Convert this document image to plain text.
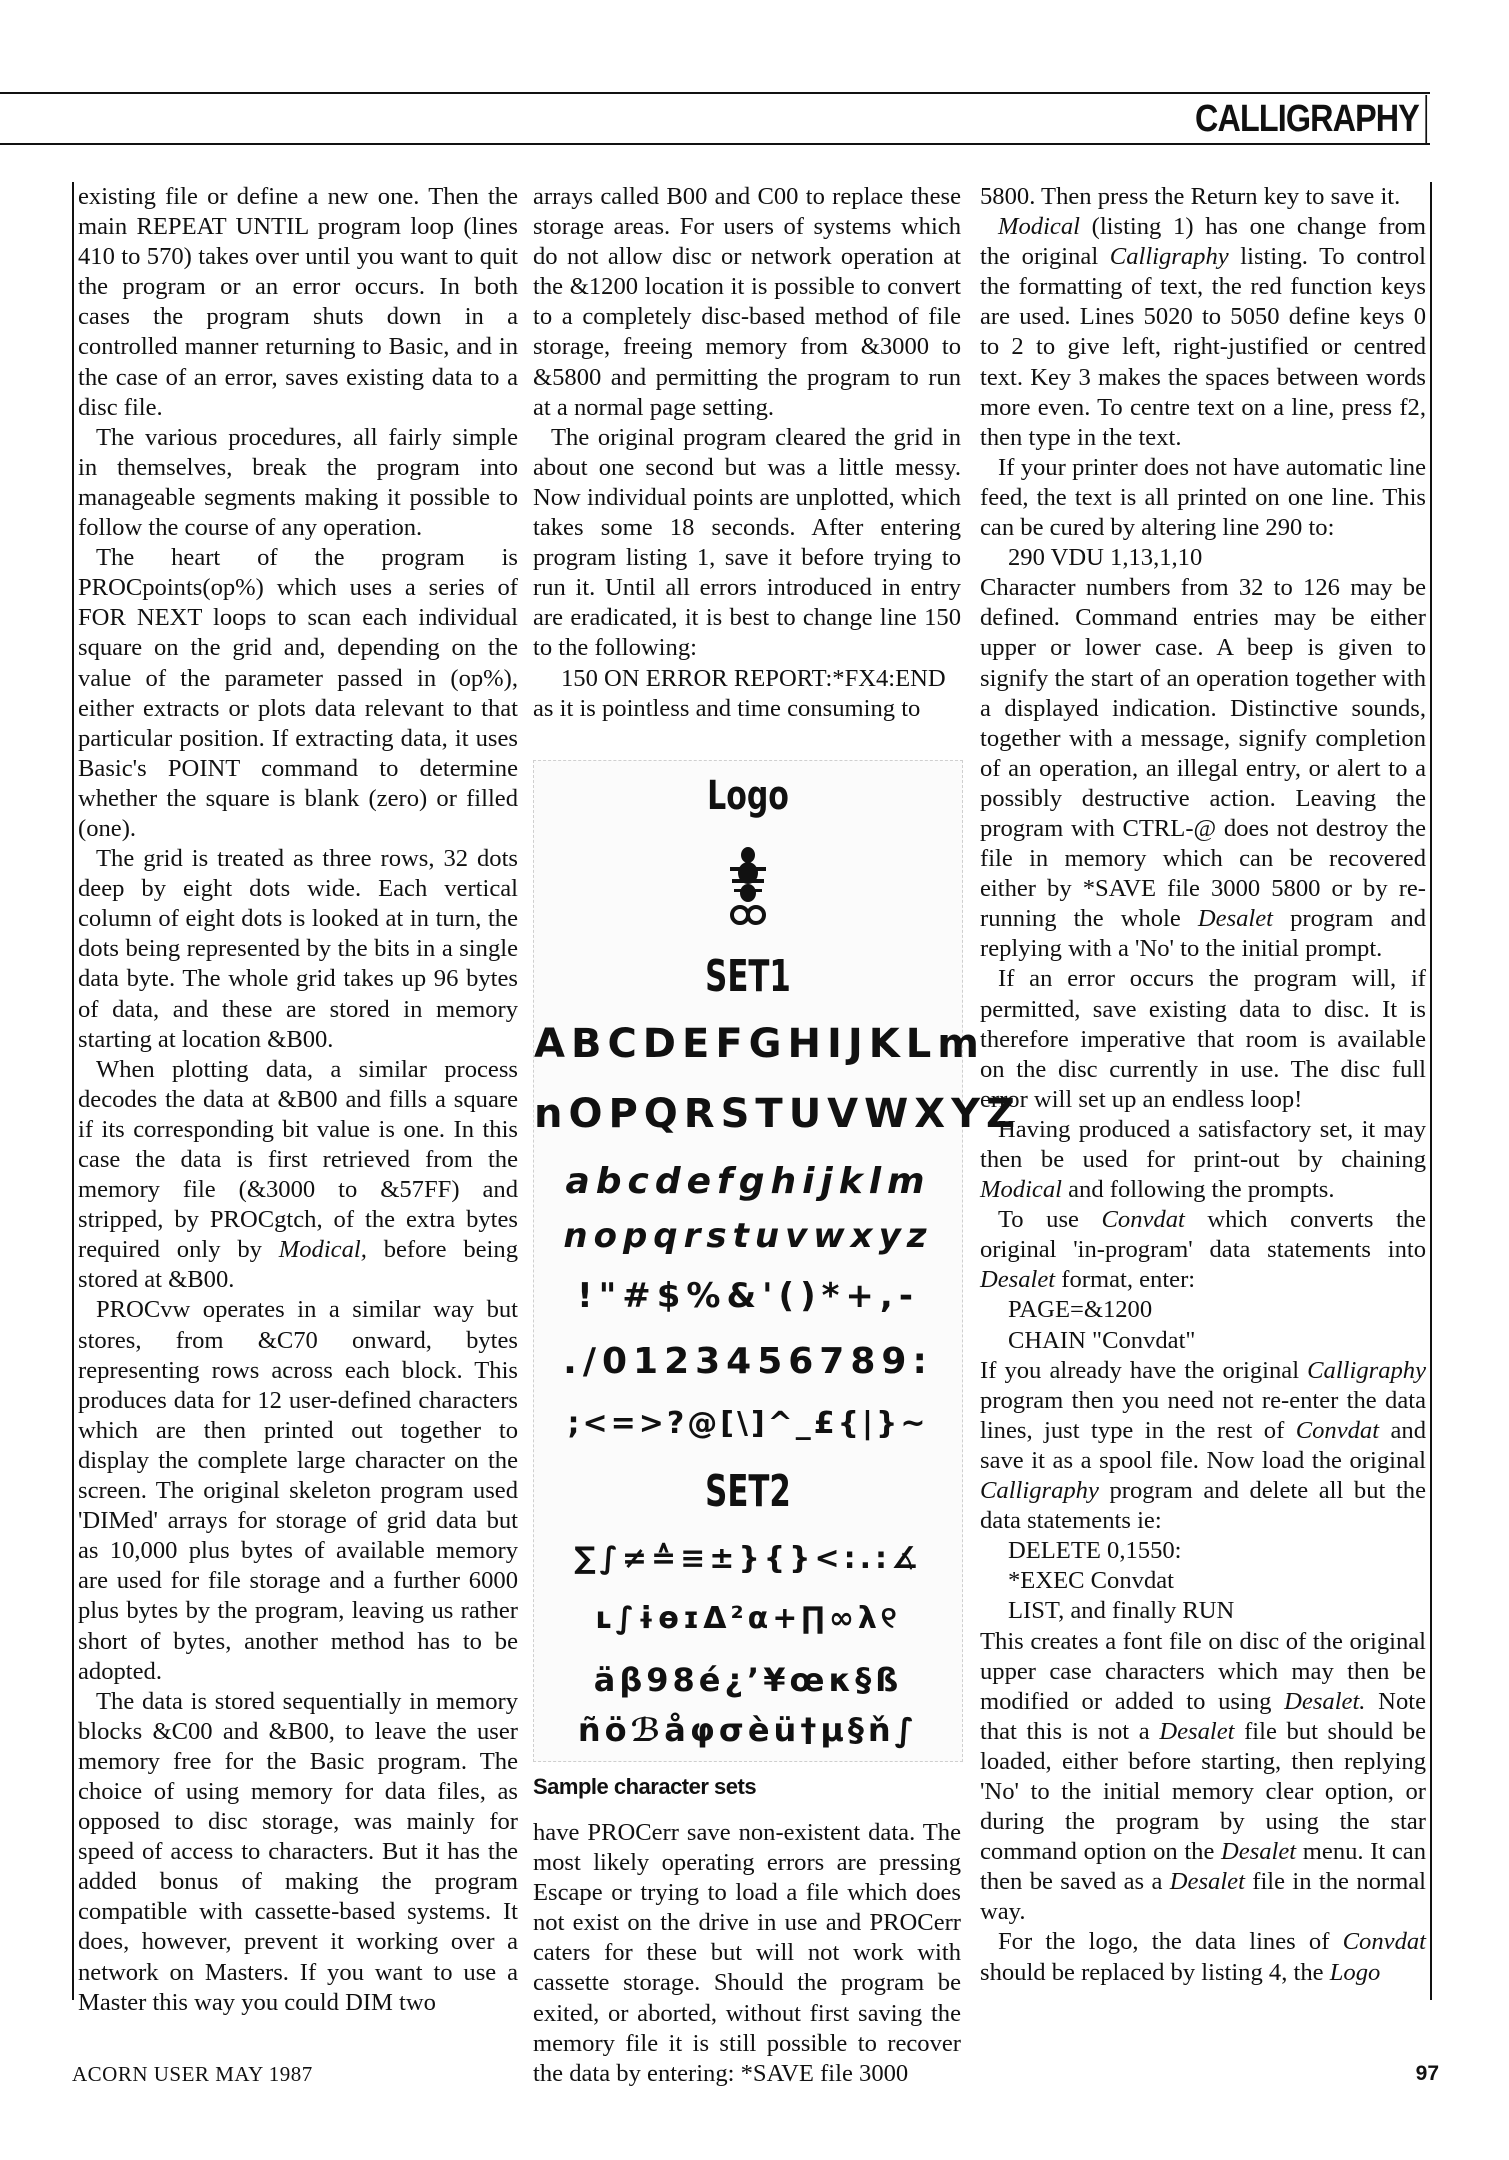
CALLIGRAPHY

existing file or define a new one. Then the main REPEAT UNTIL program loop (lines 410 to 570) takes over until you want to quit the program or an error occurs. In both cases the program shuts down in a controlled manner returning to Basic, and in the case of an error, saves existing data to a disc file.

The various procedures, all fairly simple in themselves, break the program into manageable segments making it possible to follow the course of any operation.

The heart of the program is PROCpoints(op%) which uses a series of FOR NEXT loops to scan each individual square on the grid and, depending on the value of the parameter passed in (op%), either extracts or plots data relevant to that particular position. If extracting data, it uses Basic's POINT command to determine whether the square is blank (zero) or filled (one).

The grid is treated as three rows, 32 dots deep by eight dots wide. Each vertical column of eight dots is looked at in turn, the dots being represented by the bits in a single data byte. The whole grid takes up 96 bytes of data, and these are stored in memory starting at location &B00.

When plotting data, a similar process decodes the data at &B00 and fills a square if its corresponding bit value is one. In this case the data is first retrieved from the memory file (&3000 to &57FF) and stripped, by PROCgtch, of the extra bytes required only by Modical, before being stored at &B00.

PROCvw operates in a similar way but stores, from &C70 onward, bytes representing rows across each block. This produces data for 12 user-defined characters which are then printed out together to display the complete large character on the screen. The original skeleton program used 'DIMed' arrays for storage of grid data but as 10,000 plus bytes of available memory are used for file storage and a further 6000 plus bytes by the program, leaving us rather short of bytes, another method has to be adopted.

The data is stored sequentially in memory blocks &C00 and &B00, to leave the user memory free for the Basic program. The choice of using memory for data files, as opposed to disc storage, was mainly for speed of access to characters. But it has the added bonus of making the program compatible with cassette-based systems. It does, however, prevent it working over a network on Masters. If you want to use a Master this way you could DIM two

arrays called B00 and C00 to replace these storage areas. For users of systems which do not allow disc or network operation at the &1200 location it is possible to convert to a completely disc-based method of file storage, freeing memory from &3000 to &5800 and permitting the program to run at a normal page setting.

The original program cleared the grid in about one second but was a little messy. Now individual points are unplotted, which takes some 18 seconds. After entering program listing 1, save it before trying to run it. Until all errors introduced in entry are eradicated, it is best to change line 150 to the following:

150 ON ERROR REPORT:*FX4:END

as it is pointless and time consuming to

Logo
SET1
ABCDEFGHIJKLm
nOPQRSTUVWXYZ
abcdefghijklm
nopqrstuvwxyz
!"#$%&'()*+,-
./0123456789:
;<=>?@[\]^_£{|}~
SET2
∑∫≠≙≡±}{}<:.:∡
ʟ∫ɨɵɪΔ²α+∏∞λ୧
äβ98é¿ʼ¥œκ§ß
ñöℬåφσèü†μ§ň∫
Sample character sets

have PROCerr save non-existent data. The most likely operating errors are pressing Escape or trying to load a file which does not exist on the drive in use and PROCerr caters for these but will not work with cassette storage. Should the program be exited, or aborted, without first saving the memory file it is still possible to recover the data by entering: *SAVE file 3000

5800. Then press the Return key to save it.

Modical (listing 1) has one change from the original Calligraphy listing. To control the formatting of text, the red function keys are used. Lines 5020 to 5050 define keys 0 to 2 to give left, right-justified or centred text. Key 3 makes the spaces between words more even. To centre text on a line, press f2, then type in the text.

If your printer does not have automatic line feed, the text is all printed on one line. This can be cured by altering line 290 to:

290 VDU 1,13,1,10

Character numbers from 32 to 126 may be defined. Command entries may be either upper or lower case. A beep is given to signify the start of an operation together with a displayed indication. Distinctive sounds, together with a message, signify completion of an operation, an illegal entry, or alert to a possibly destructive action. Leaving the program with CTRL-@ does not destroy the file in memory which can be recovered either by *SAVE file 3000 5800 or by re-running the whole Desalet program and replying with a 'No' to the initial prompt.

If an error occurs the program will, if permitted, save existing data to disc. It is therefore imperative that room is available on the disc currently in use. The disc full error will set up an endless loop!

Having produced a satisfactory set, it may then be used for print-out by chaining Modical and following the prompts.

To use Convdat which converts the original 'in-program' data statements into Desalet format, enter:

PAGE=&1200

CHAIN "Convdat"

If you already have the original Calligraphy program then you need not re-enter the data lines, just type in the rest of Convdat and save it as a spool file. Now load the original Calligraphy program and delete all but the data statements ie:

DELETE 0,1550:

*EXEC Convdat

LIST, and finally RUN

This creates a font file on disc of the original upper case characters which may then be modified or added to using Desalet. Note that this is not a Desalet file but should be loaded, either before starting, then replying 'No' to the initial memory clear option, or during the program by using the star command option on the Desalet menu. It can then be saved as a Desalet file in the normal way.

For the logo, the data lines of Convdat should be replaced by listing 4, the Logo

ACORN USER MAY 1987	97
